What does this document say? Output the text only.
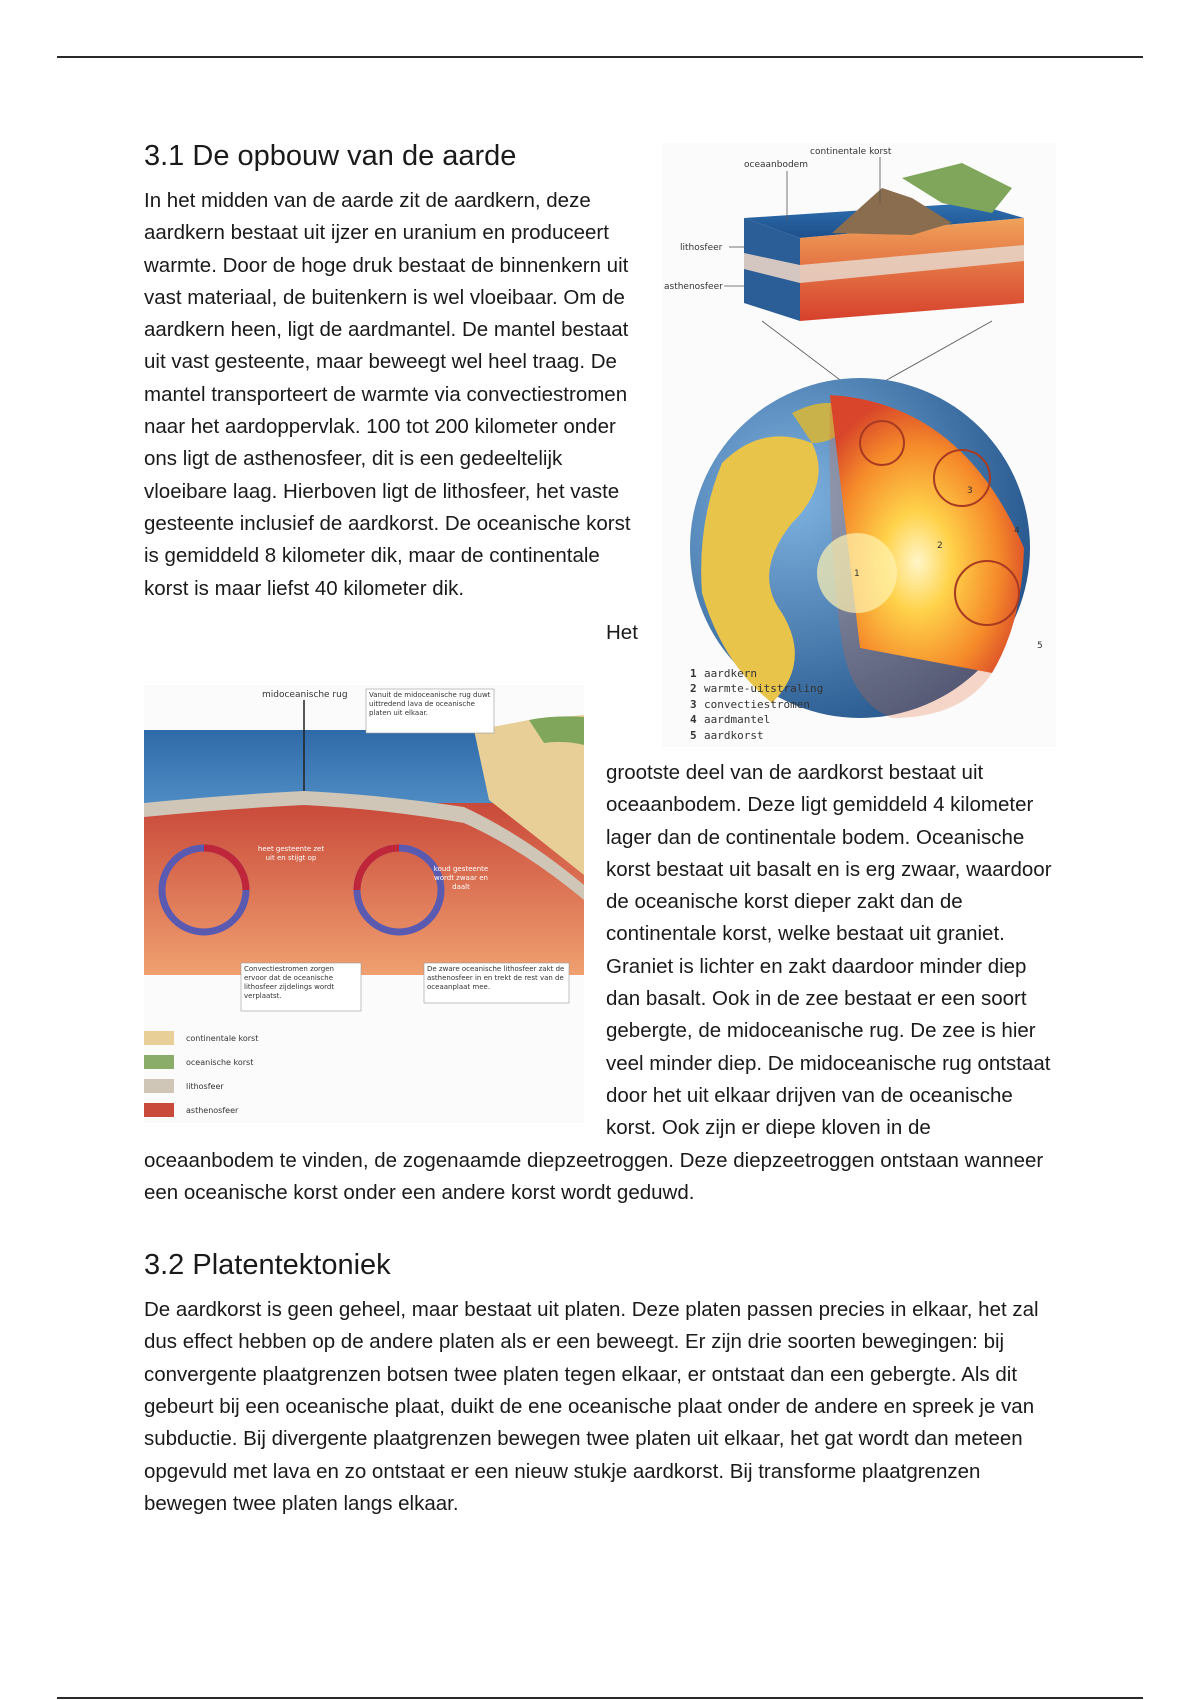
continentale korst
oceaanbodem
lithosfeer
asthenosfeer
1
2
3
4
5
1 aardkern
2 warmte-uitstraling
3 convectiestromen
4 aardmantel
5 aardkorst
3.1 De opbouw van de aarde

In het midden van de aarde zit de aardkern, deze aardkern bestaat uit ijzer en uranium en produceert warmte. Door de hoge druk bestaat de binnenkern uit vast materiaal, de buitenkern is wel vloeibaar. Om de aardkern heen, ligt de aardmantel. De mantel bestaat uit vast gesteente, maar beweegt wel heel traag. De mantel transporteert de warmte via convectiestromen naar het aardoppervlak. 100 tot 200 kilometer onder ons ligt de asthenosfeer, dit is een gedeeltelijk vloeibare laag. Hierboven ligt de lithosfeer, het vaste gesteente inclusief de aardkorst. De oceanische korst is gemiddeld 8 kilometer dik, maar de continentale korst is maar liefst 40 kilometer dik.

midoceanische rug	Vanuit de midoceanische rug duwt uittredend lava de oceanische platen uit elkaar.
heet gesteente zet uit en stijgt op
koud gesteente wordt zwaar en daalt
Convectiestromen zorgen ervoor dat de oceanische lithosfeer zijdelings wordt verplaatst.
De zware oceanische lithosfeer zakt de asthenosfeer in en trekt de rest van de oceaanplaat mee.
continentale korst
oceanische korst
lithosfeer
asthenosfeer

Het grootste deel van de aardkorst bestaat uit oceaanbodem. Deze ligt gemiddeld 4 kilometer lager dan de continentale bodem. Oceanische korst bestaat uit basalt en is erg zwaar, waardoor de oceanische korst dieper zakt dan de continentale korst, welke bestaat uit graniet. Graniet is lichter en zakt daardoor minder diep dan basalt. Ook in de zee bestaat er een soort gebergte, de midoceanische rug. De zee is hier veel minder diep. De midoceanische rug ontstaat door het uit elkaar drijven van de oceanische korst. Ook zijn er diepe kloven in de oceaanbodem te vinden, de zogenaamde diepzeetroggen. Deze diepzeetroggen ontstaan wanneer een oceanische korst onder een andere korst wordt geduwd.

3.2 Platentektoniek

De aardkorst is geen geheel, maar bestaat uit platen. Deze platen passen precies in elkaar, het zal dus effect hebben op de andere platen als er een beweegt. Er zijn drie soorten bewegingen: bij convergente plaatgrenzen botsen twee platen tegen elkaar, er ontstaat dan een gebergte. Als dit gebeurt bij een oceanische plaat, duikt de ene oceanische plaat onder de andere en spreek je van subductie. Bij divergente plaatgrenzen bewegen twee platen uit elkaar, het gat wordt dan meteen opgevuld met lava en zo ontstaat er een nieuw stukje aardkorst. Bij transforme plaatgrenzen bewegen twee platen langs elkaar.
